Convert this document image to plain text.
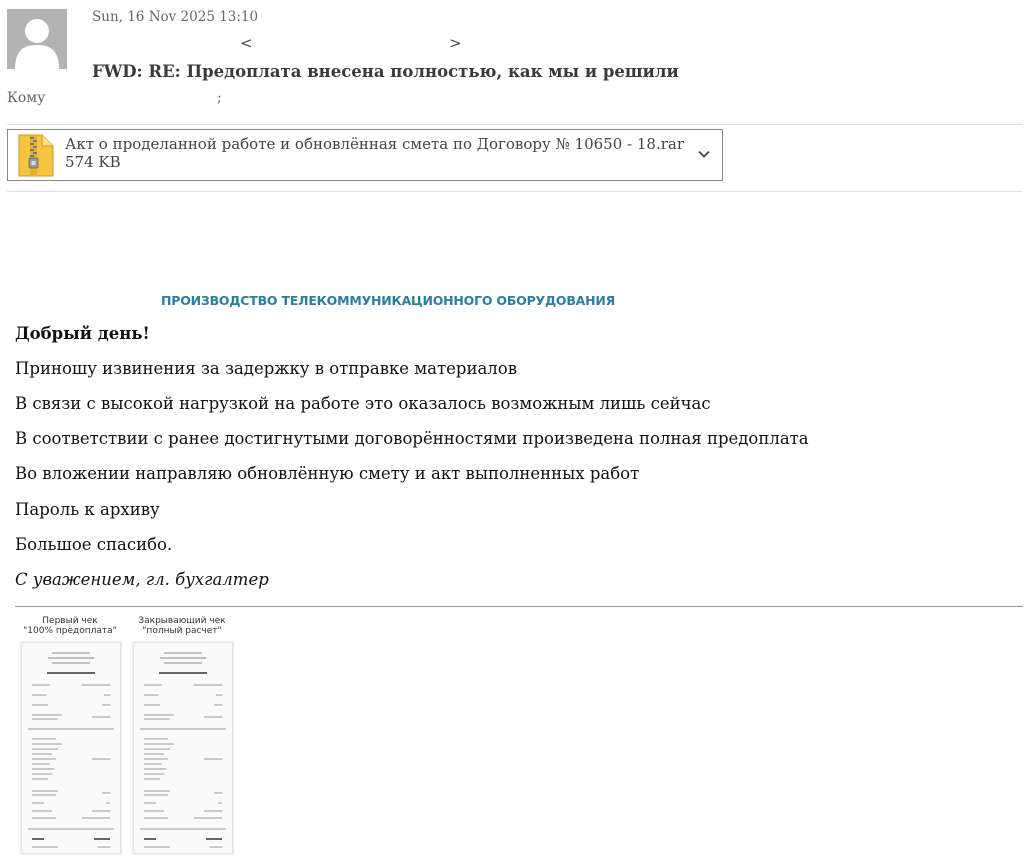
Sun, 16 Nov 2025 13:10
<	>
FWD: RE: Предоплата внесена полностью, как мы и решили
Кому	;
Акт о проделанной работе и обновлённая смета по Договору № 10650 - 18.rar
574 KB
ПРОИЗВОДСТВО ТЕЛЕКОММУНИКАЦИОННОГО ОБОРУДОВАНИЯ
Добрый день!
Приношу извинения за задержку в отправке материалов
В связи с высокой нагрузкой на работе это оказалось возможным лишь сейчас
В соответствии с ранее достигнутыми договорённостями произведена полная предоплата
Во вложении направляю обновлённую смету и акт выполненных работ
Пароль к архиву
Большое спасибо.
С уважением, гл. бухгалтер
Первый чек
"100% предоплата"
Закрывающий чек
"полный расчет"
